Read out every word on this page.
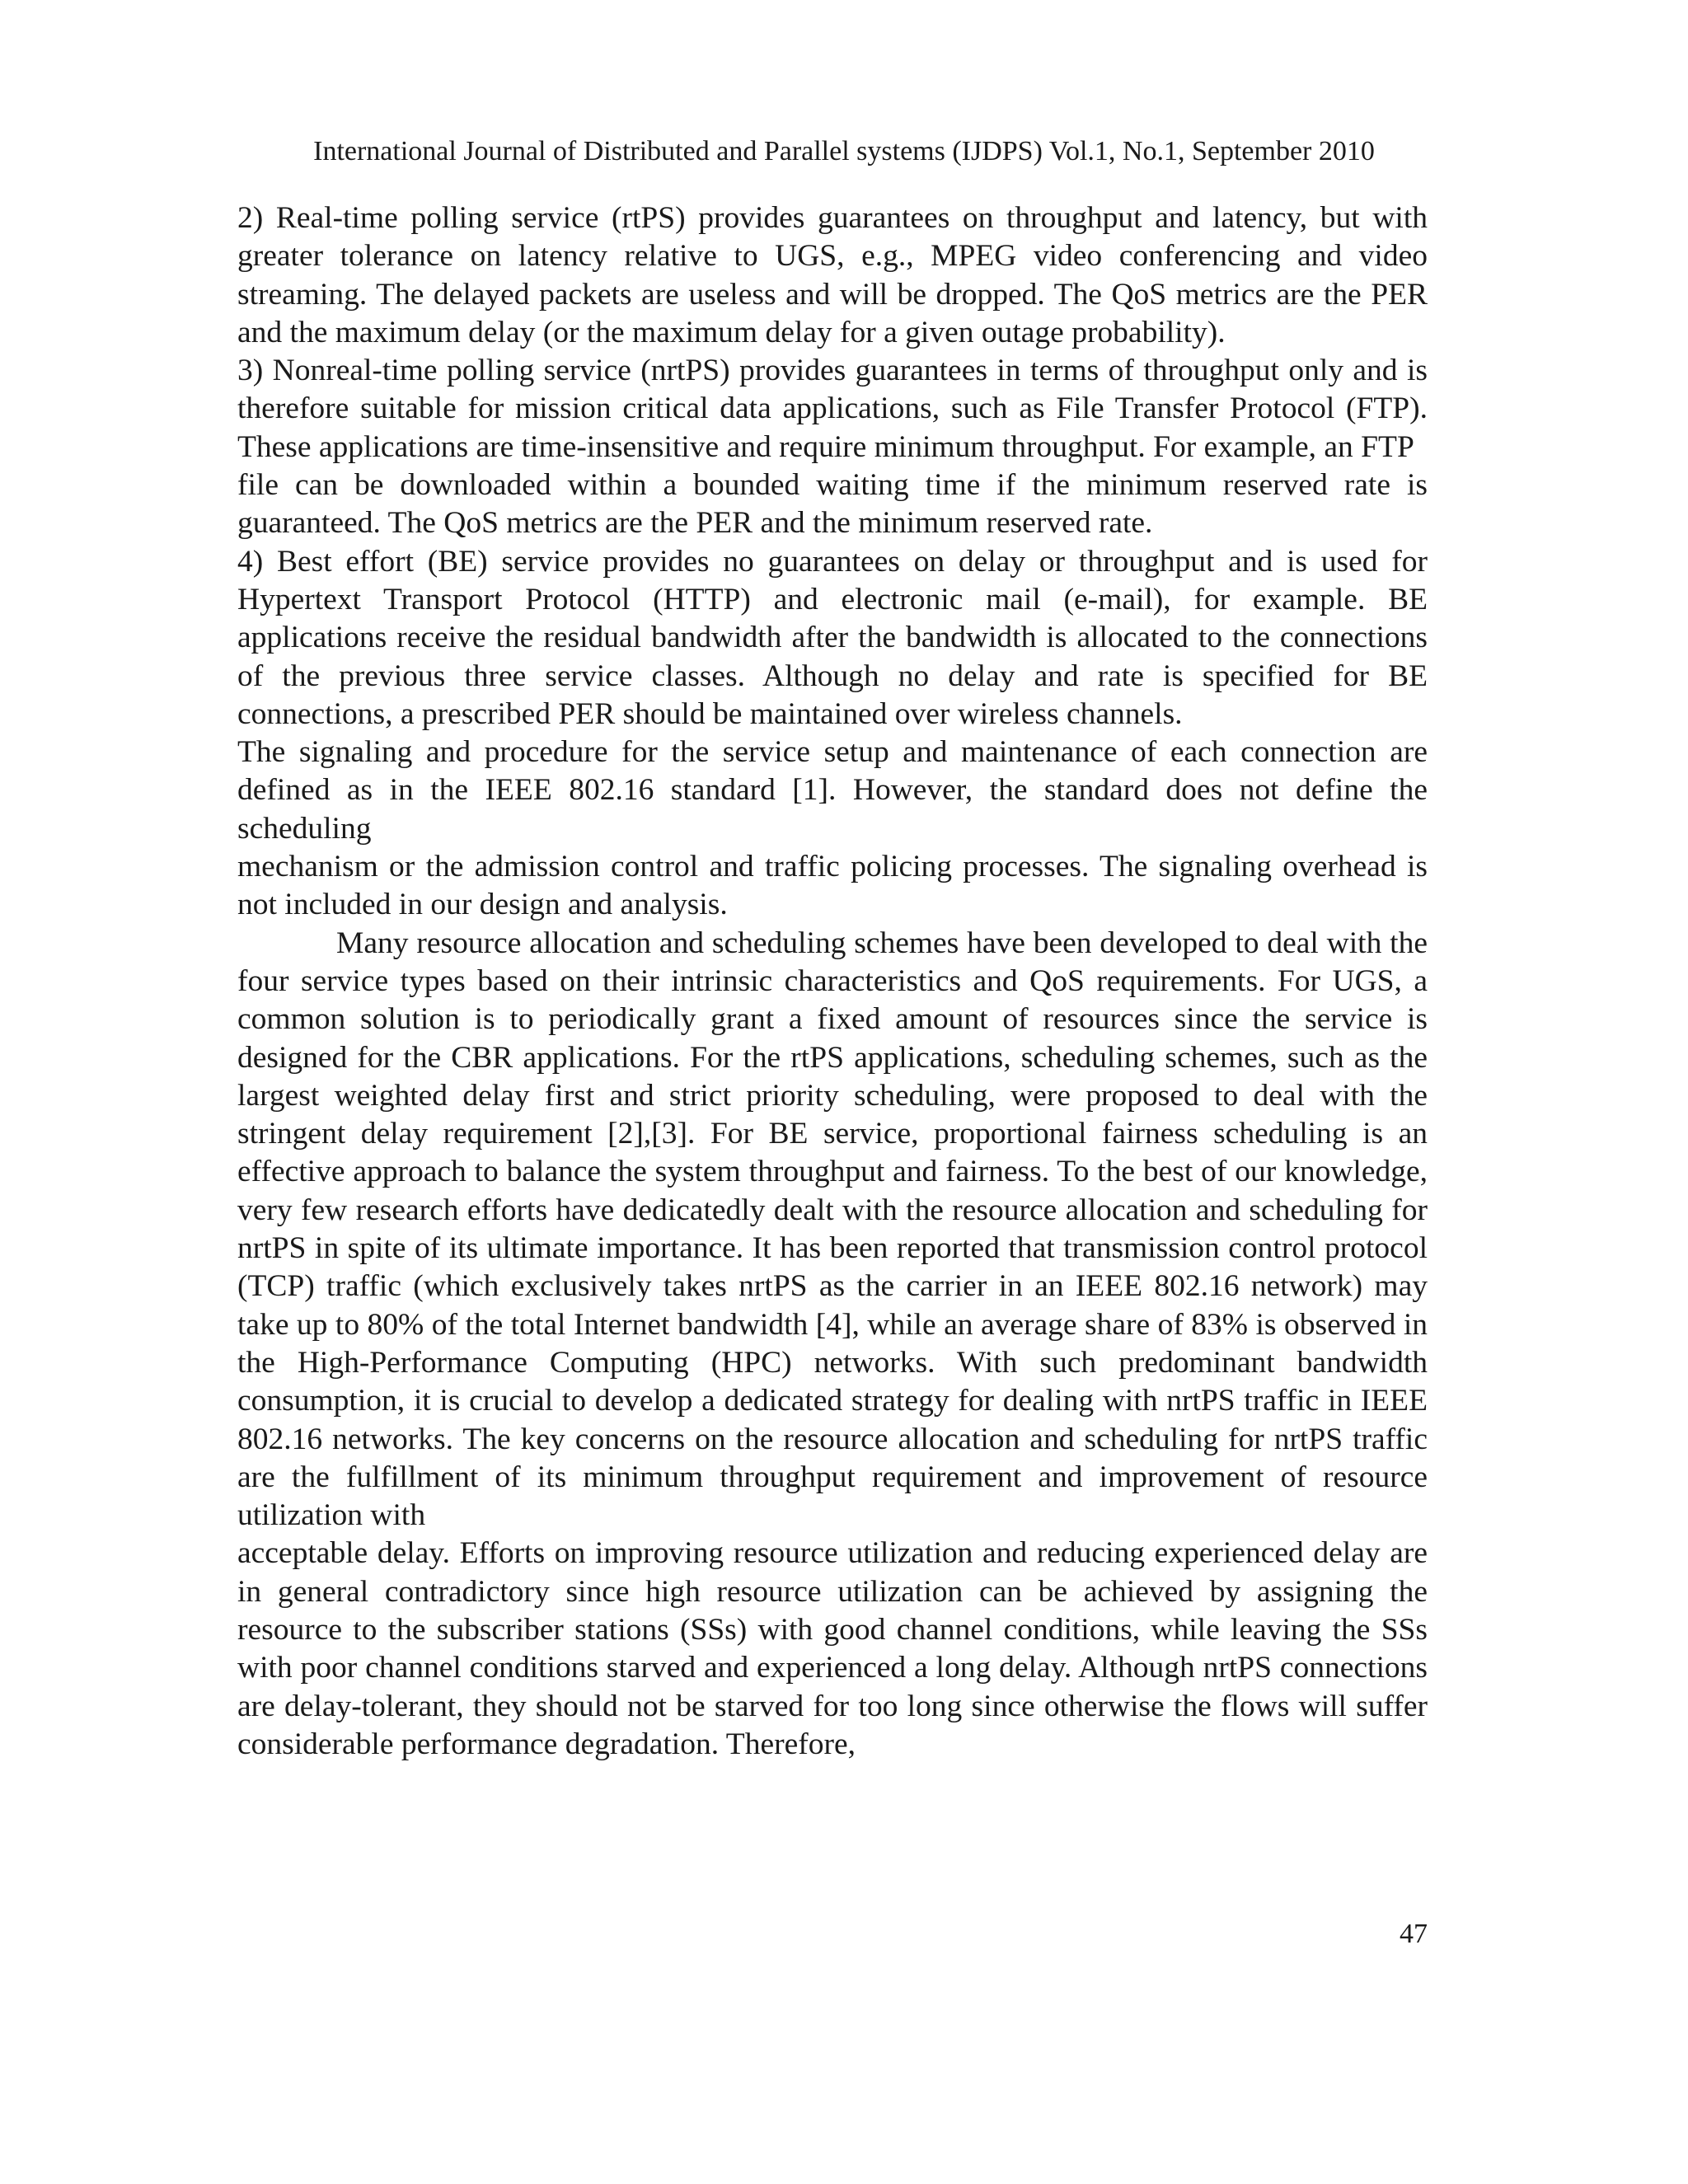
International Journal of Distributed and Parallel systems (IJDPS) Vol.1, No.1, September 2010

2) Real-time polling service (rtPS) provides guarantees on throughput and latency, but with greater tolerance on latency relative to UGS, e.g., MPEG video conferencing and video streaming. The delayed packets are useless and will be dropped. The QoS metrics are the PER and the maximum delay (or the maximum delay for a given outage probability).

3) Nonreal-time polling service (nrtPS) provides guarantees in terms of throughput only and is therefore suitable for mission critical data applications, such as File Transfer Protocol (FTP). These applications are time-insensitive and require minimum throughput. For example, an FTP

file can be downloaded within a bounded waiting time if the minimum reserved rate is guaranteed. The QoS metrics are the PER and the minimum reserved rate.

4) Best effort (BE) service provides no guarantees on delay or throughput and is used for Hypertext Transport Protocol (HTTP) and electronic mail (e-mail), for example. BE applications receive the residual bandwidth after the bandwidth is allocated to the connections of the previous three service classes. Although no delay and rate is specified for BE connections, a prescribed PER should be maintained over wireless channels.

The signaling and procedure for the service setup and maintenance of each connection are defined as in the IEEE 802.16 standard [1]. However, the standard does not define the scheduling

mechanism or the admission control and traffic policing processes. The signaling overhead is not included in our design and analysis.

Many resource allocation and scheduling schemes have been developed to deal with the four service types based on their intrinsic characteristics and QoS requirements. For UGS, a common solution is to periodically grant a fixed amount of resources since the service is designed for the CBR applications. For the rtPS applications, scheduling schemes, such as the largest weighted delay first and strict priority scheduling, were proposed to deal with the stringent delay requirement [2],[3]. For BE service, proportional fairness scheduling is an effective approach to balance the system throughput and fairness. To the best of our knowledge, very few research efforts have dedicatedly dealt with the resource allocation and scheduling for nrtPS in spite of its ultimate importance. It has been reported that transmission control protocol (TCP) traffic (which exclusively takes nrtPS as the carrier in an IEEE 802.16 network) may take up to 80% of the total Internet bandwidth [4], while an average share of 83% is observed in the High-Performance Computing (HPC) networks. With such predominant bandwidth consumption, it is crucial to develop a dedicated strategy for dealing with nrtPS traffic in IEEE 802.16 networks. The key concerns on the resource allocation and scheduling for nrtPS traffic are the fulfillment of its minimum throughput requirement and improvement of resource utilization with

acceptable delay. Efforts on improving resource utilization and reducing experienced delay are in general contradictory since high resource utilization can be achieved by assigning the resource to the subscriber stations (SSs) with good channel conditions, while leaving the SSs with poor channel conditions starved and experienced a long delay. Although nrtPS connections are delay-tolerant, they should not be starved for too long since otherwise the flows will suffer considerable performance degradation. Therefore,

47
